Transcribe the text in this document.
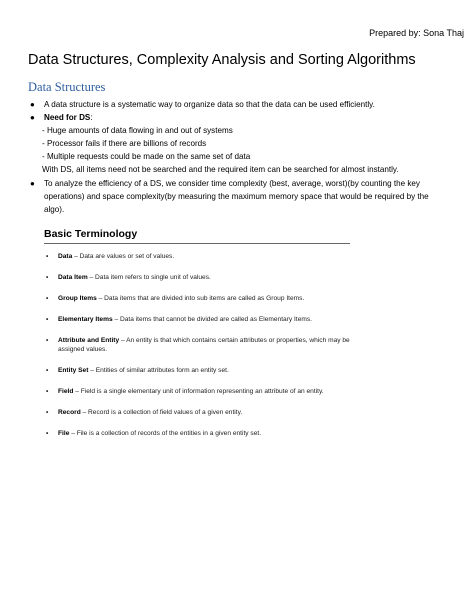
Prepared by: Sona Thaj
Data Structures, Complexity Analysis and Sorting Algorithms
Data Structures
●	A data structure is a systematic way to organize data so that the data can be used efficiently.
●	Need for DS:
- Huge amounts of data flowing in and out of systems
- Processor fails if there are billions of records
- Multiple requests could be made on the same set of data
With DS, all items need not be searched and the required item can be searched for almost instantly.
●	To analyze the efficiency of a DS, we consider time complexity (best, average, worst)(by counting the key operations) and space complexity(by measuring the maximum memory space that would be required by the algo).
Basic Terminology
•	Data – Data are values or set of values.
•	Data Item – Data item refers to single unit of values.
•	Group Items – Data items that are divided into sub items are called as Group Items.
•	Elementary Items – Data items that cannot be divided are called as Elementary Items.
•	Attribute and Entity – An entity is that which contains certain attributes or properties, which may be assigned values.
•	Entity Set – Entities of similar attributes form an entity set.
•	Field – Field is a single elementary unit of information representing an attribute of an entity.
•	Record – Record is a collection of field values of a given entity.
•	File – File is a collection of records of the entities in a given entity set.
